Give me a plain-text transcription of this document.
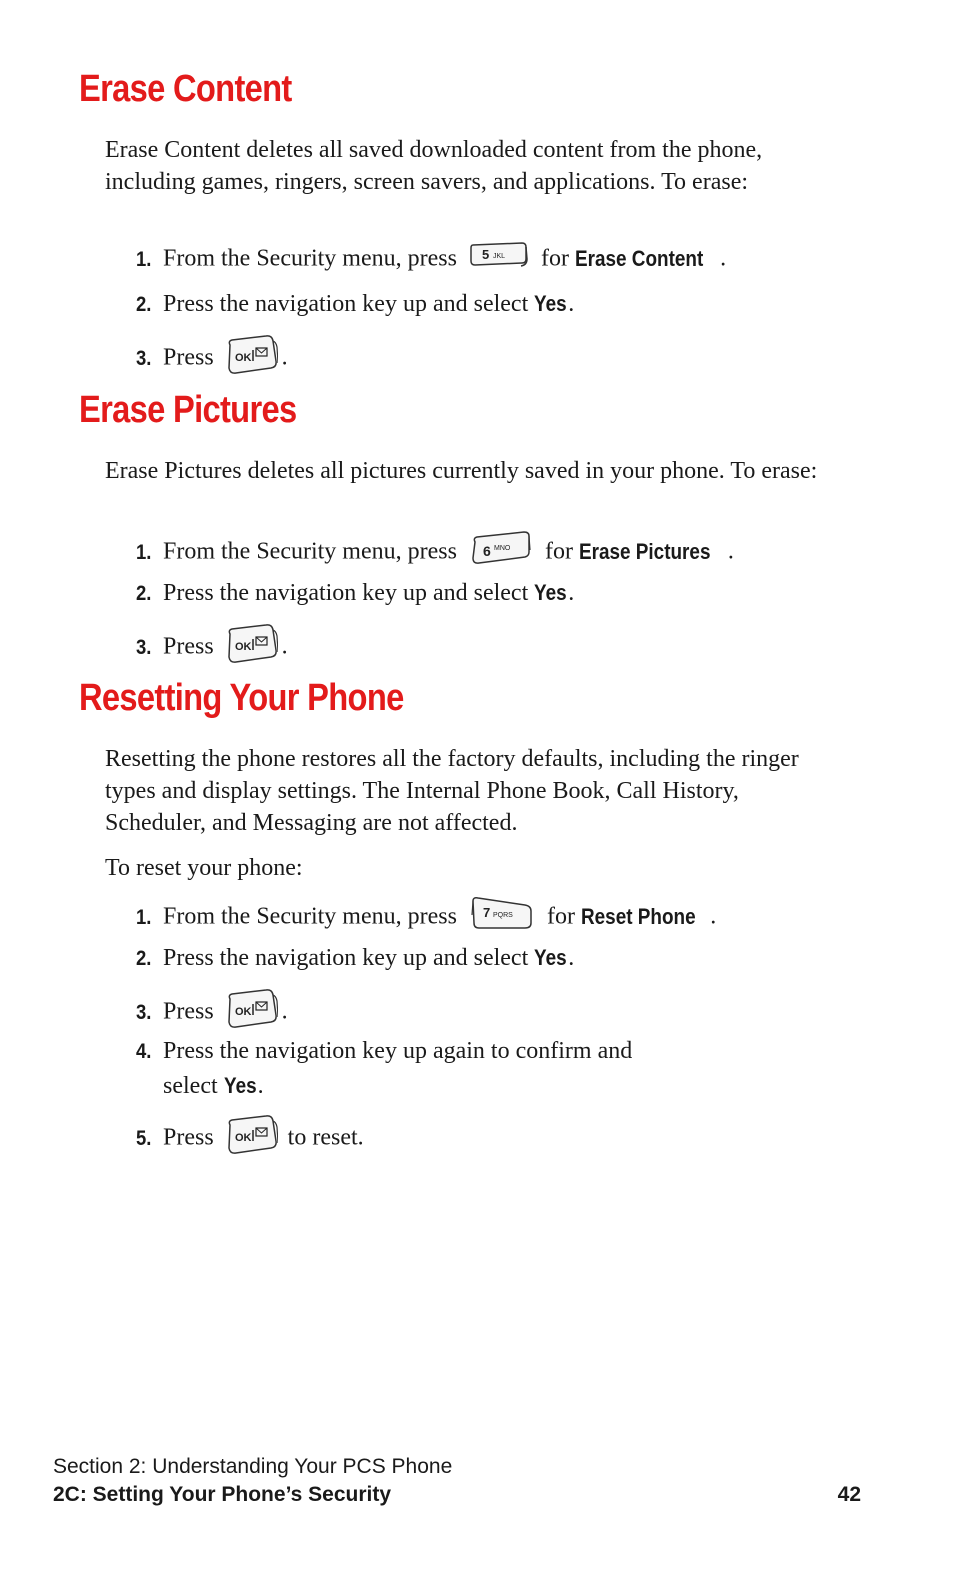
Erase Content

Erase Content deletes all saved downloaded content from the phone, including games, ringers, screen savers, and applications. To erase:

1. From the Security menu, press 5 JKL for Erase Content .
2. Press the navigation key up and select Yes.
3. Press OK .
Erase Pictures

Erase Pictures deletes all pictures currently saved in your phone. To erase:

1. From the Security menu, press 6 MNO for Erase Pictures .
2. Press the navigation key up and select Yes.
3. Press OK .
Resetting Your Phone

Resetting the phone restores all the factory defaults, including the ringer types and display settings. The Internal Phone Book, Call History, Scheduler, and Messaging are not affected.

To reset your phone:

1. From the Security menu, press 7 PQRS for Reset Phone .
2. Press the navigation key up and select Yes.
3. Press OK .
4. Press the navigation key up again to confirm and
select Yes.
5. Press OK to reset.
Section 2: Understanding Your PCS Phone
2C: Setting Your Phone’s Security	42
